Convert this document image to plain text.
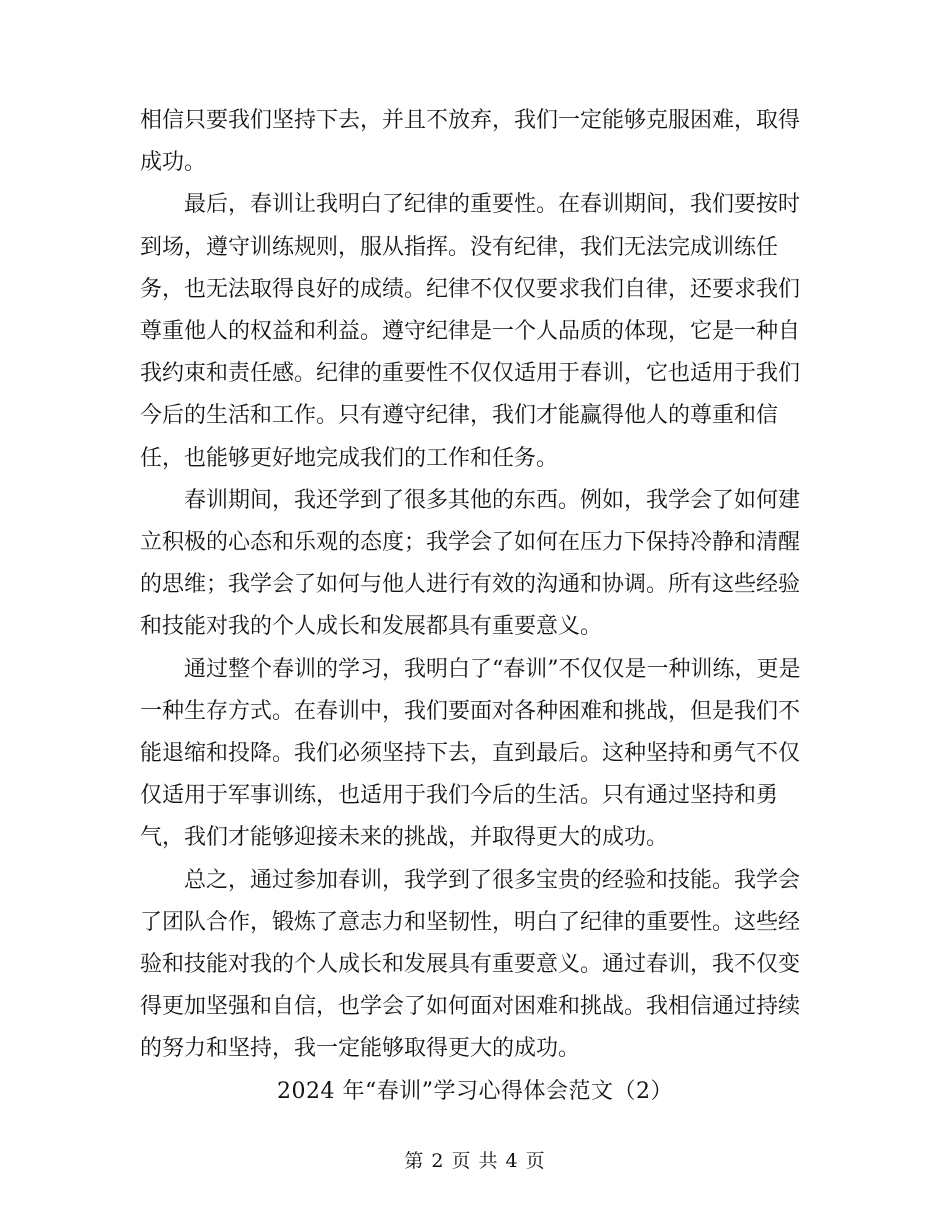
相信只要我们坚持下去，并且不放弃，我们一定能够克服困难，取得成功。

最后，春训让我明白了纪律的重要性。在春训期间，我们要按时到场，遵守训练规则，服从指挥。没有纪律，我们无法完成训练任务，也无法取得良好的成绩。纪律不仅仅要求我们自律，还要求我们尊重他人的权益和利益。遵守纪律是一个人品质的体现，它是一种自我约束和责任感。纪律的重要性不仅仅适用于春训，它也适用于我们今后的生活和工作。只有遵守纪律，我们才能赢得他人的尊重和信任，也能够更好地完成我们的工作和任务。

春训期间，我还学到了很多其他的东西。例如，我学会了如何建立积极的心态和乐观的态度；我学会了如何在压力下保持冷静和清醒的思维；我学会了如何与他人进行有效的沟通和协调。所有这些经验和技能对我的个人成长和发展都具有重要意义。

通过整个春训的学习，我明白了“春训”不仅仅是一种训练，更是一种生存方式。在春训中，我们要面对各种困难和挑战，但是我们不能退缩和投降。我们必须坚持下去，直到最后。这种坚持和勇气不仅仅适用于军事训练，也适用于我们今后的生活。只有通过坚持和勇气，我们才能够迎接未来的挑战，并取得更大的成功。

总之，通过参加春训，我学到了很多宝贵的经验和技能。我学会了团队合作，锻炼了意志力和坚韧性，明白了纪律的重要性。这些经验和技能对我的个人成长和发展具有重要意义。通过春训，我不仅变得更加坚强和自信，也学会了如何面对困难和挑战。我相信通过持续的努力和坚持，我一定能够取得更大的成功。

2024 年“春训”学习心得体会范文（2）

第 2 页 共 4 页
